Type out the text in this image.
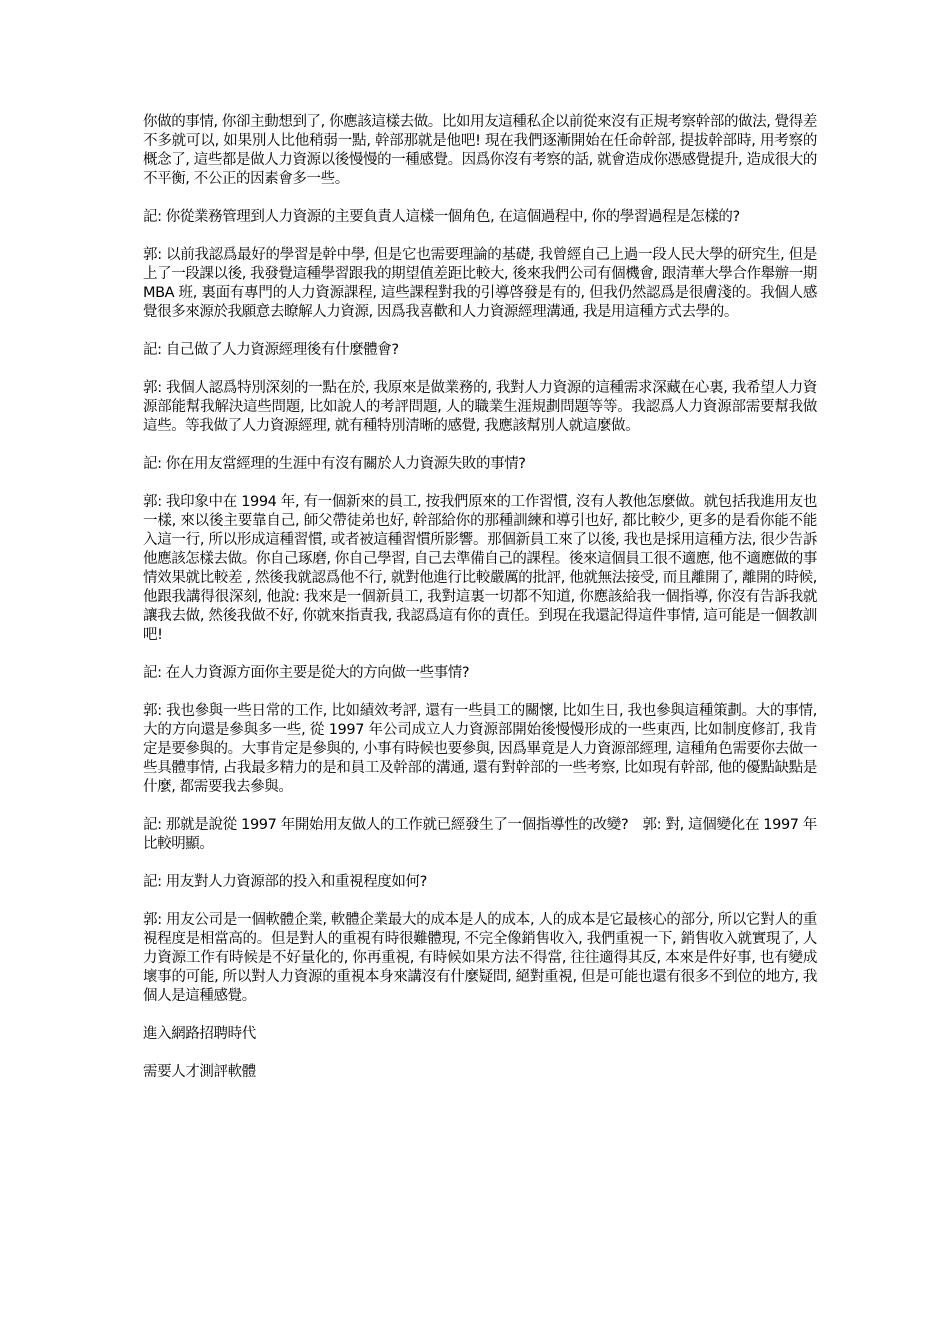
你做的事情, 你卻主動想到了, 你應該這樣去做。比如用友這種私企以前從來沒有正規考察幹部的做法, 覺得差不多就可以, 如果別人比他稍弱一點, 幹部那就是他吧! 現在我們逐漸開始在任命幹部, 提拔幹部時, 用考察的概念了, 這些都是做人力資源以後慢慢的一種感覺。因爲你沒有考察的話, 就會造成你憑感覺提升, 造成很大的不平衡, 不公正的因素會多一些。

記: 你從業務管理到人力資源的主要負責人這樣一個角色, 在這個過程中, 你的學習過程是怎樣的?

郭: 以前我認爲最好的學習是幹中學, 但是它也需要理論的基礎, 我曾經自己上過一段人民大學的研究生, 但是上了一段課以後, 我發覺這種學習跟我的期望值差距比較大, 後來我們公司有個機會, 跟清華大學合作舉辦一期 MBA 班, 裏面有專門的人力資源課程, 這些課程對我的引導啓發是有的, 但我仍然認爲是很膚淺的。我個人感覺很多來源於我願意去瞭解人力資源, 因爲我喜歡和人力資源經理溝通, 我是用這種方式去學的。

記: 自己做了人力資源經理後有什麼體會?

郭: 我個人認爲特別深刻的一點在於, 我原來是做業務的, 我對人力資源的這種需求深藏在心裏, 我希望人力資源部能幫我解決這些問題, 比如說人的考評問題, 人的職業生涯規劃問題等等。我認爲人力資源部需要幫我做這些。等我做了人力資源經理, 就有種特別清晰的感覺, 我應該幫別人就這麼做。

記: 你在用友當經理的生涯中有沒有關於人力資源失敗的事情?

郭: 我印象中在 1994 年, 有一個新來的員工, 按我們原來的工作習慣, 沒有人教他怎麼做。就包括我進用友也一樣, 來以後主要靠自己, 師父帶徒弟也好, 幹部給你的那種訓練和導引也好, 都比較少, 更多的是看你能不能入這一行, 所以形成這種習慣, 或者被這種習慣所影響。那個新員工來了以後, 我也是採用這種方法, 很少告訴他應該怎樣去做。你自己琢磨, 你自己學習, 自己去準備自己的課程。後來這個員工很不適應, 他不適應做的事情效果就比較差 , 然後我就認爲他不行, 就對他進行比較嚴厲的批評, 他就無法接受, 而且離開了, 離開的時候, 他跟我講得很深刻, 他說: 我來是一個新員工, 我對這裏一切都不知道, 你應該給我一個指導, 你沒有告訴我就讓我去做, 然後我做不好, 你就來指責我, 我認爲這有你的責任。到現在我還記得這件事情, 這可能是一個教訓吧!

記: 在人力資源方面你主要是從大的方向做一些事情?

郭: 我也參與一些日常的工作, 比如績效考評, 還有一些員工的關懷, 比如生日, 我也參與這種策劃。大的事情, 大的方向還是參與多一些, 從 1997 年公司成立人力資源部開始後慢慢形成的一些東西, 比如制度修訂, 我肯定是要參與的。大事肯定是參與的, 小事有時候也要參與, 因爲畢竟是人力資源部經理, 這種角色需要你去做一些具體事情, 占我最多精力的是和員工及幹部的溝通, 還有對幹部的一些考察, 比如現有幹部, 他的優點缺點是什麼, 都需要我去參與。

記: 那就是說從 1997 年開始用友做人的工作就已經發生了一個指導性的改變?　郭: 對, 這個變化在 1997 年比較明顯。

記: 用友對人力資源部的投入和重視程度如何?

郭: 用友公司是一個軟體企業, 軟體企業最大的成本是人的成本, 人的成本是它最核心的部分, 所以它對人的重視程度是相當高的。但是對人的重視有時很難體現, 不完全像銷售收入, 我們重視一下, 銷售收入就實現了, 人力資源工作有時候是不好量化的, 你再重視, 有時候如果方法不得當, 往往適得其反, 本來是件好事, 也有變成壞事的可能, 所以對人力資源的重視本身來講沒有什麼疑問, 絕對重視, 但是可能也還有很多不到位的地方, 我個人是這種感覺。

進入網路招聘時代

需要人才測評軟體
